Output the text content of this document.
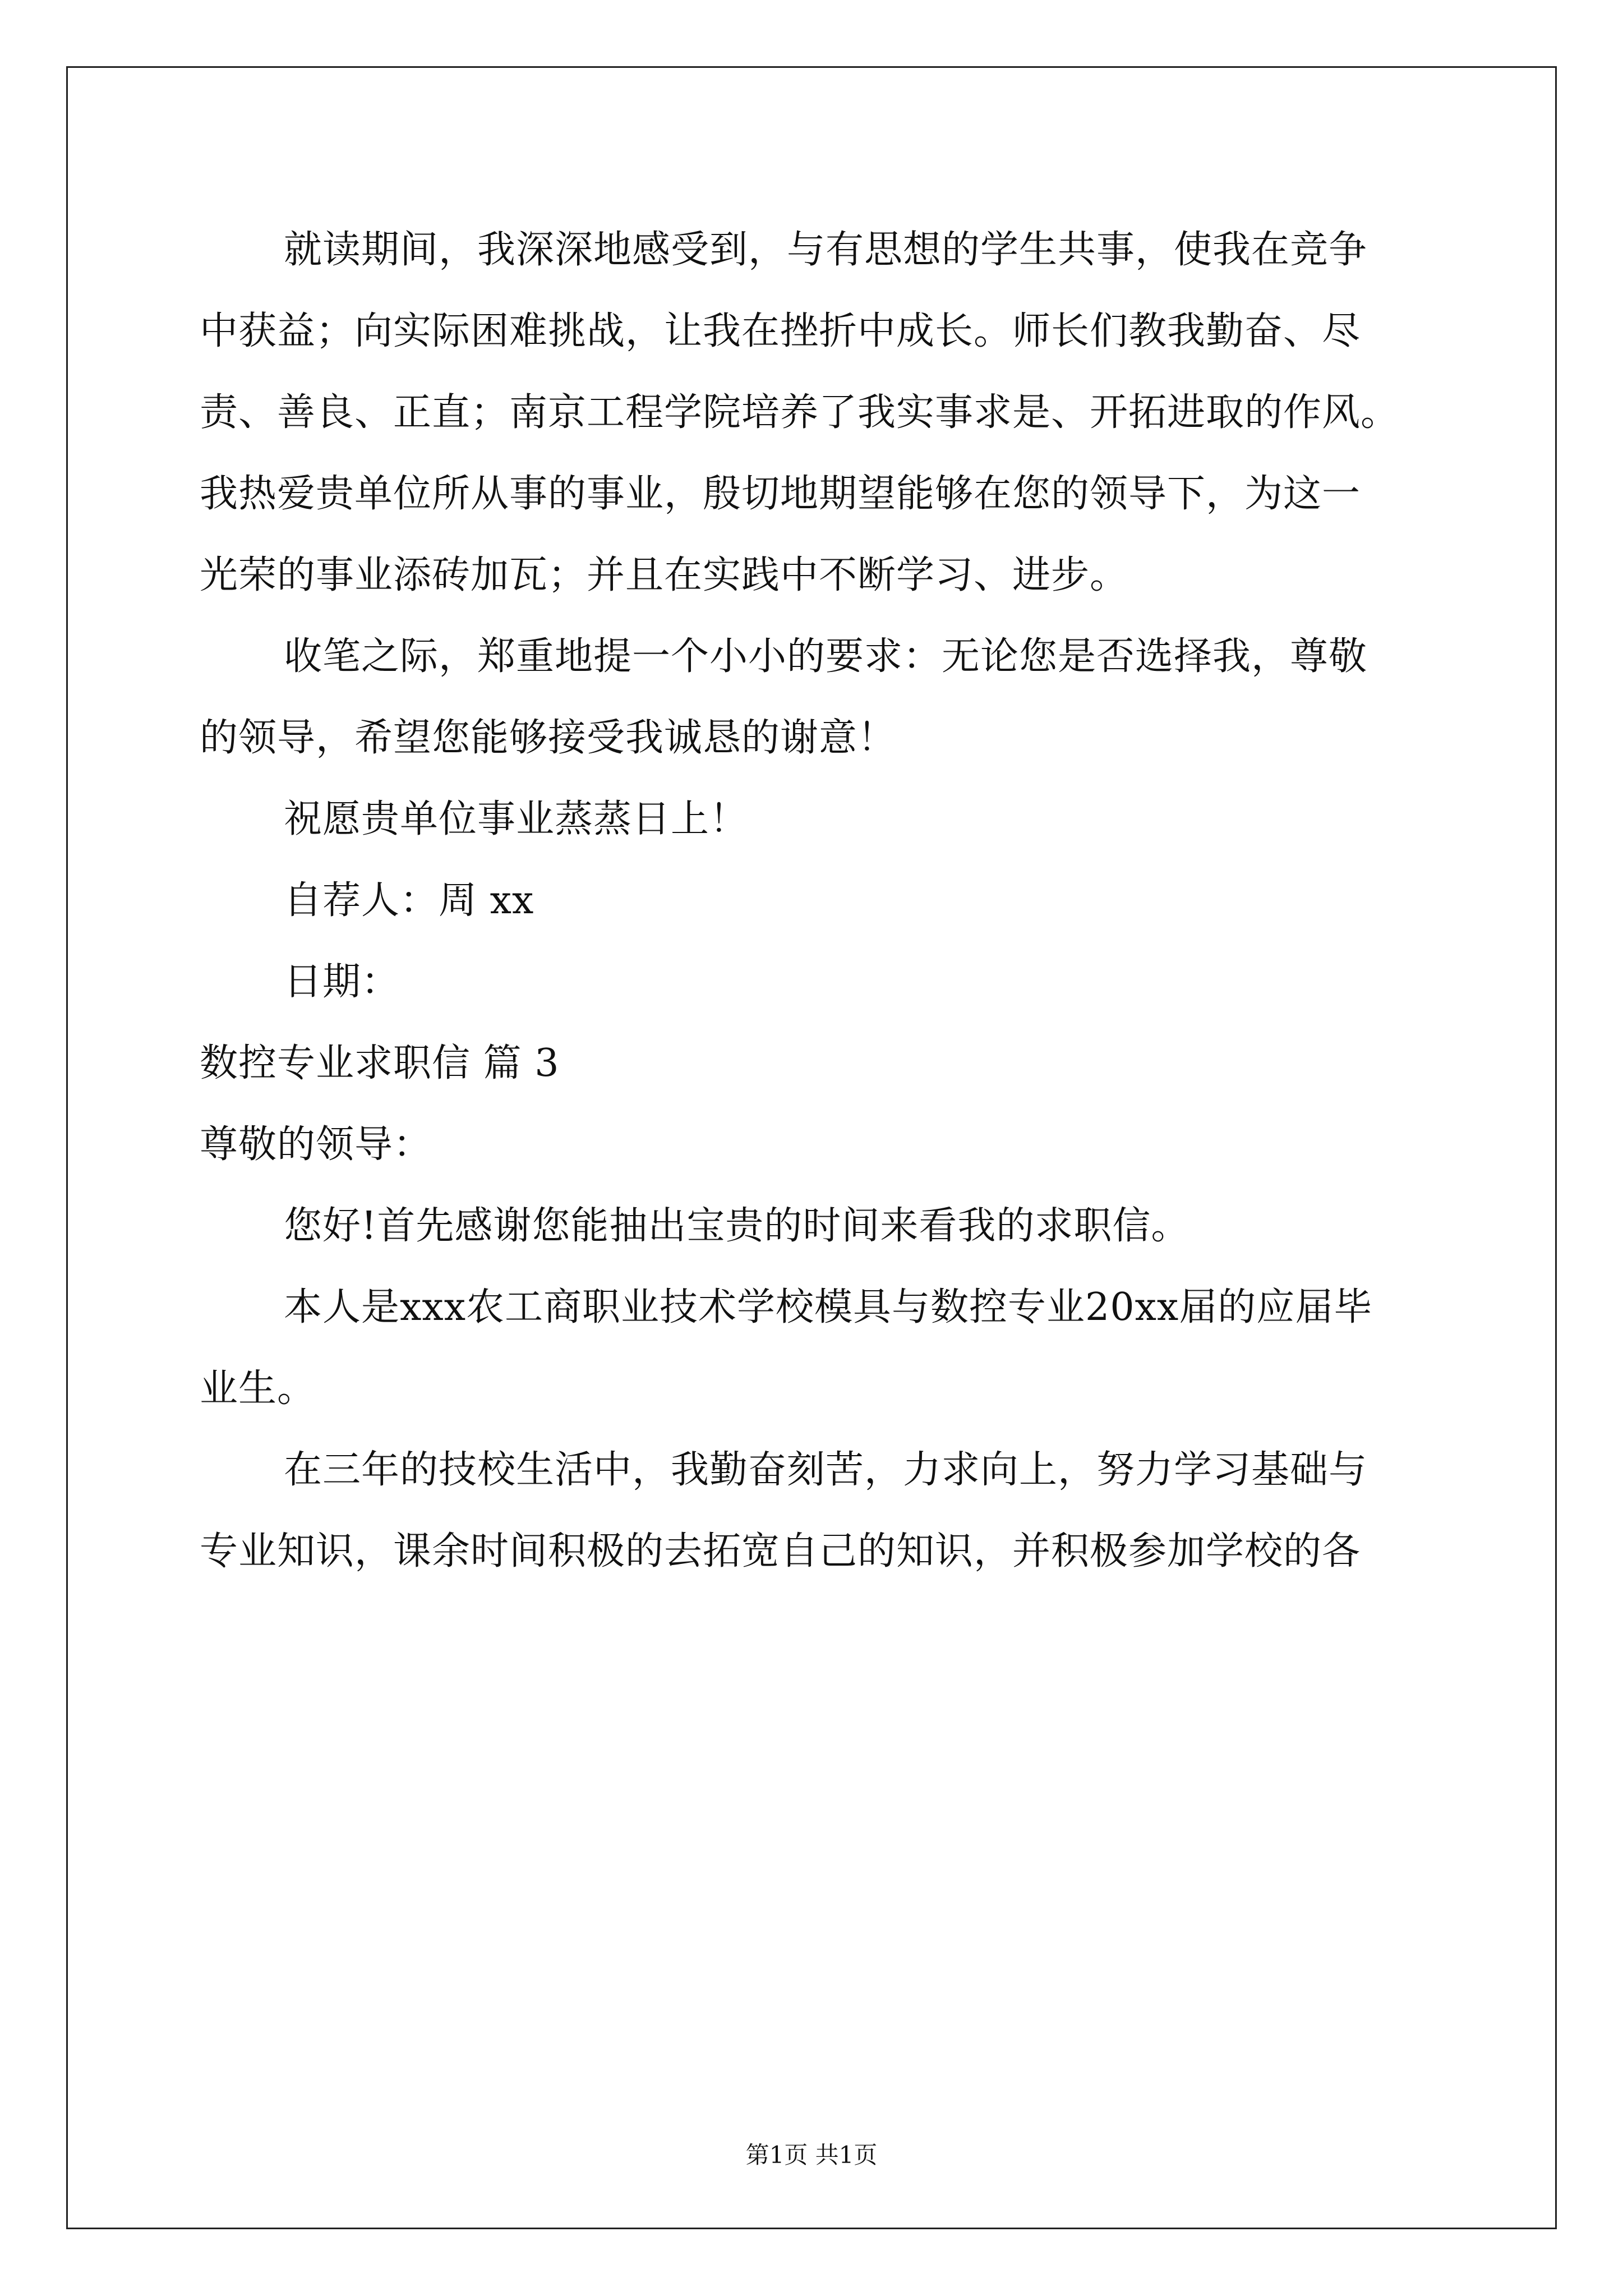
就读期间，我深深地感受到，与有思想的学生共事，使我在竞争
中获益；向实际困难挑战，让我在挫折中成长。师长们教我勤奋、尽
责、善良、正直；南京工程学院培养了我实事求是、开拓进取的作风。
我热爱贵单位所从事的事业，殷切地期望能够在您的领导下，为这一
光荣的事业添砖加瓦；并且在实践中不断学习、进步。
收笔之际，郑重地提一个小小的要求：无论您是否选择我，尊敬
的领导，希望您能够接受我诚恳的谢意！
祝愿贵单位事业蒸蒸日上！
自荐人：周 xx
日期：
数控专业求职信 篇 3
尊敬的领导：
您好!首先感谢您能抽出宝贵的时间来看我的求职信。
本人是xxx农工商职业技术学校模具与数控专业20xx届的应届毕
业生。
在三年的技校生活中，我勤奋刻苦，力求向上，努力学习基础与
专业知识，课余时间积极的去拓宽自己的知识，并积极参加学校的各
第1页 共1页
